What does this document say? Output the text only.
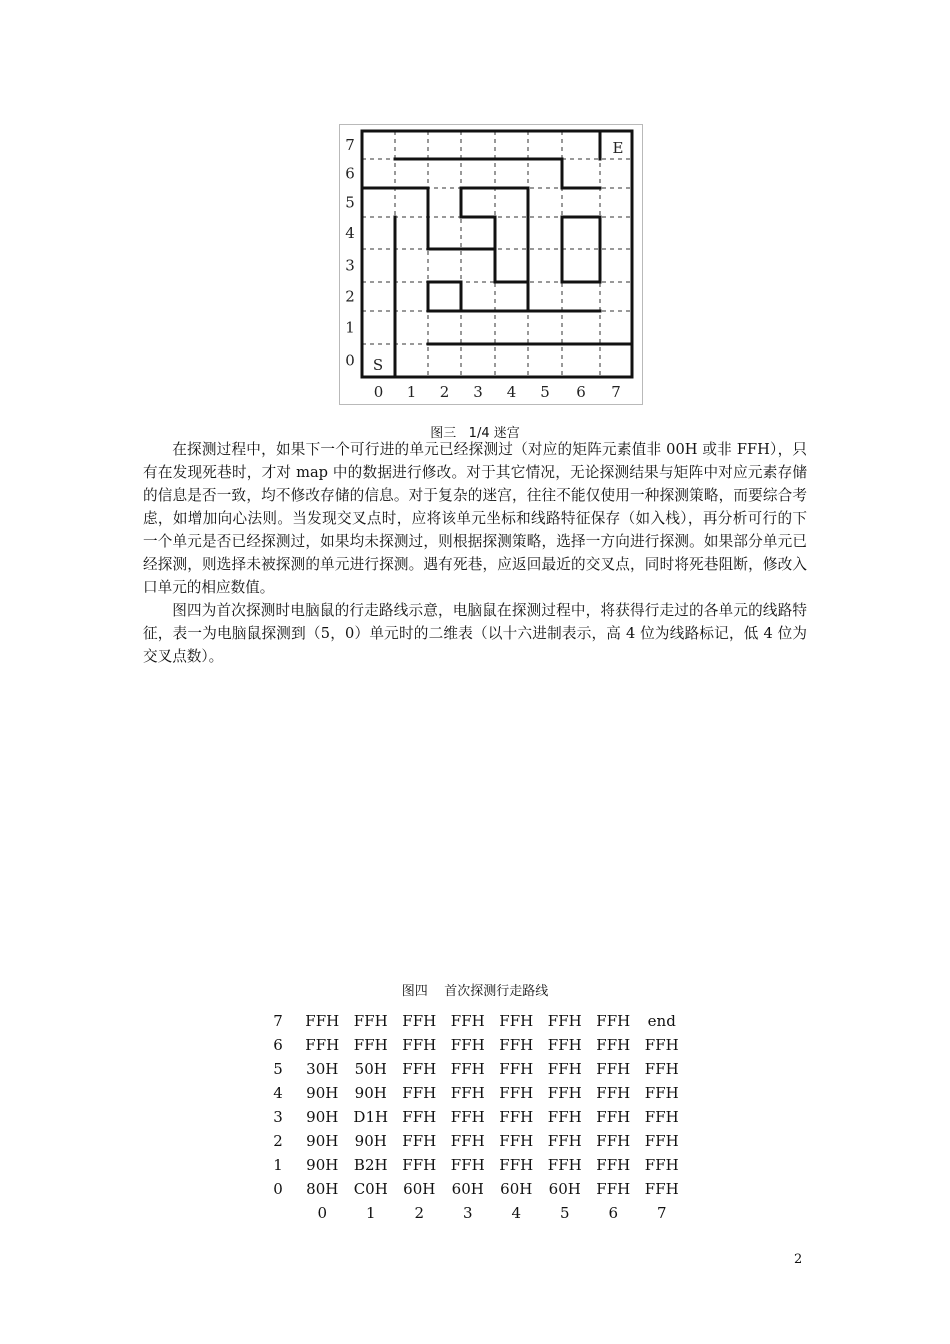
7
6
5
4
3
2
1
0
0 1 2 3 4 5 6 7
S
E
图三 1/4 迷宫

在探测过程中，如果下一个可行进的单元已经探测过（对应的矩阵元素值非 00H 或非 FFH），只有在发现死巷时，才对 map 中的数据进行修改。对于其它情况，无论探测结果与矩阵中对应元素存储的信息是否一致，均不修改存储的信息。对于复杂的迷宫，往往不能仅使用一种探测策略，而要综合考虑，如增加向心法则。当发现交叉点时，应将该单元坐标和线路特征保存（如入栈），再分析可行的下一个单元是否已经探测过，如果均未探测过，则根据探测策略，选择一方向进行探测。如果部分单元已经探测，则选择未被探测的单元进行探测。遇有死巷，应返回最近的交叉点，同时将死巷阻断，修改入口单元的相应数值。

图四为首次探测时电脑鼠的行走路线示意，电脑鼠在探测过程中，将获得行走过的各单元的线路特征，表一为电脑鼠探测到（5，0）单元时的二维表（以十六进制表示，高 4 位为线路标记，低 4 位为交叉点数）。

图四 首次探测行走路线
7	FFH	FFH	FFH	FFH	FFH	FFH	FFH	end
6	FFH	FFH	FFH	FFH	FFH	FFH	FFH	FFH
5	30H	50H	FFH	FFH	FFH	FFH	FFH	FFH
4	90H	90H	FFH	FFH	FFH	FFH	FFH	FFH
3	90H	D1H	FFH	FFH	FFH	FFH	FFH	FFH
2	90H	90H	FFH	FFH	FFH	FFH	FFH	FFH
1	90H	B2H	FFH	FFH	FFH	FFH	FFH	FFH
0	80H	C0H	60H	60H	60H	60H	FFH	FFH
	0	1	2	3	4	5	6	7
2
